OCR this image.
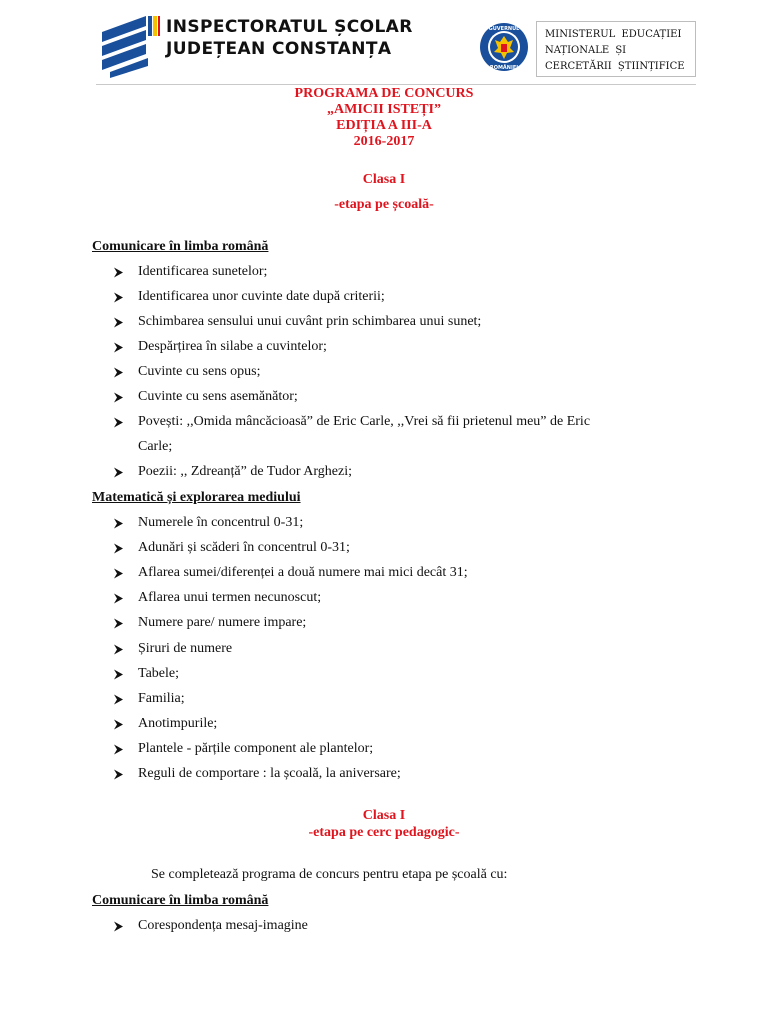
INSPECTORATUL ȘCOLAR
JUDEȚEAN CONSTANȚA
GUVERNUL
ROMÂNIEI
MINISTERUL EDUCAȚIEI
NAȚIONALE ȘI
CERCETĂRII ȘTIINȚIFICE
PROGRAMA DE CONCURS
„AMICII ISTEȚI”
EDIȚIA A III-A
2016-2017
Clasa I
-etapa pe școală-
Comunicare în limba română
Identificarea sunetelor;
Identificarea unor cuvinte date după criterii;
Schimbarea sensului unui cuvânt prin schimbarea unui sunet;
Despărțirea în silabe a cuvintelor;
Cuvinte cu sens opus;
Cuvinte cu sens asemănător;
Povești: ,,Omida mâncăcioasă” de Eric Carle, ,,Vrei să fii prietenul meu” de Eric
Carle;
Poezii: ,, Zdreanță” de Tudor Arghezi;
Matematică și explorarea mediului
Numerele în concentrul 0-31;
Adunări și scăderi în concentrul 0-31;
Aflarea sumei/diferenței a două numere mai mici decât 31;
Aflarea unui termen necunoscut;
Numere pare/ numere impare;
Șiruri de numere
Tabele;
Familia;
Anotimpurile;
Plantele - părțile component ale plantelor;
Reguli de comportare : la școală, la aniversare;
Clasa I
-etapa pe cerc pedagogic-
Se completează programa de concurs pentru etapa pe școală cu:
Comunicare în limba română
Corespondența mesaj-imagine
